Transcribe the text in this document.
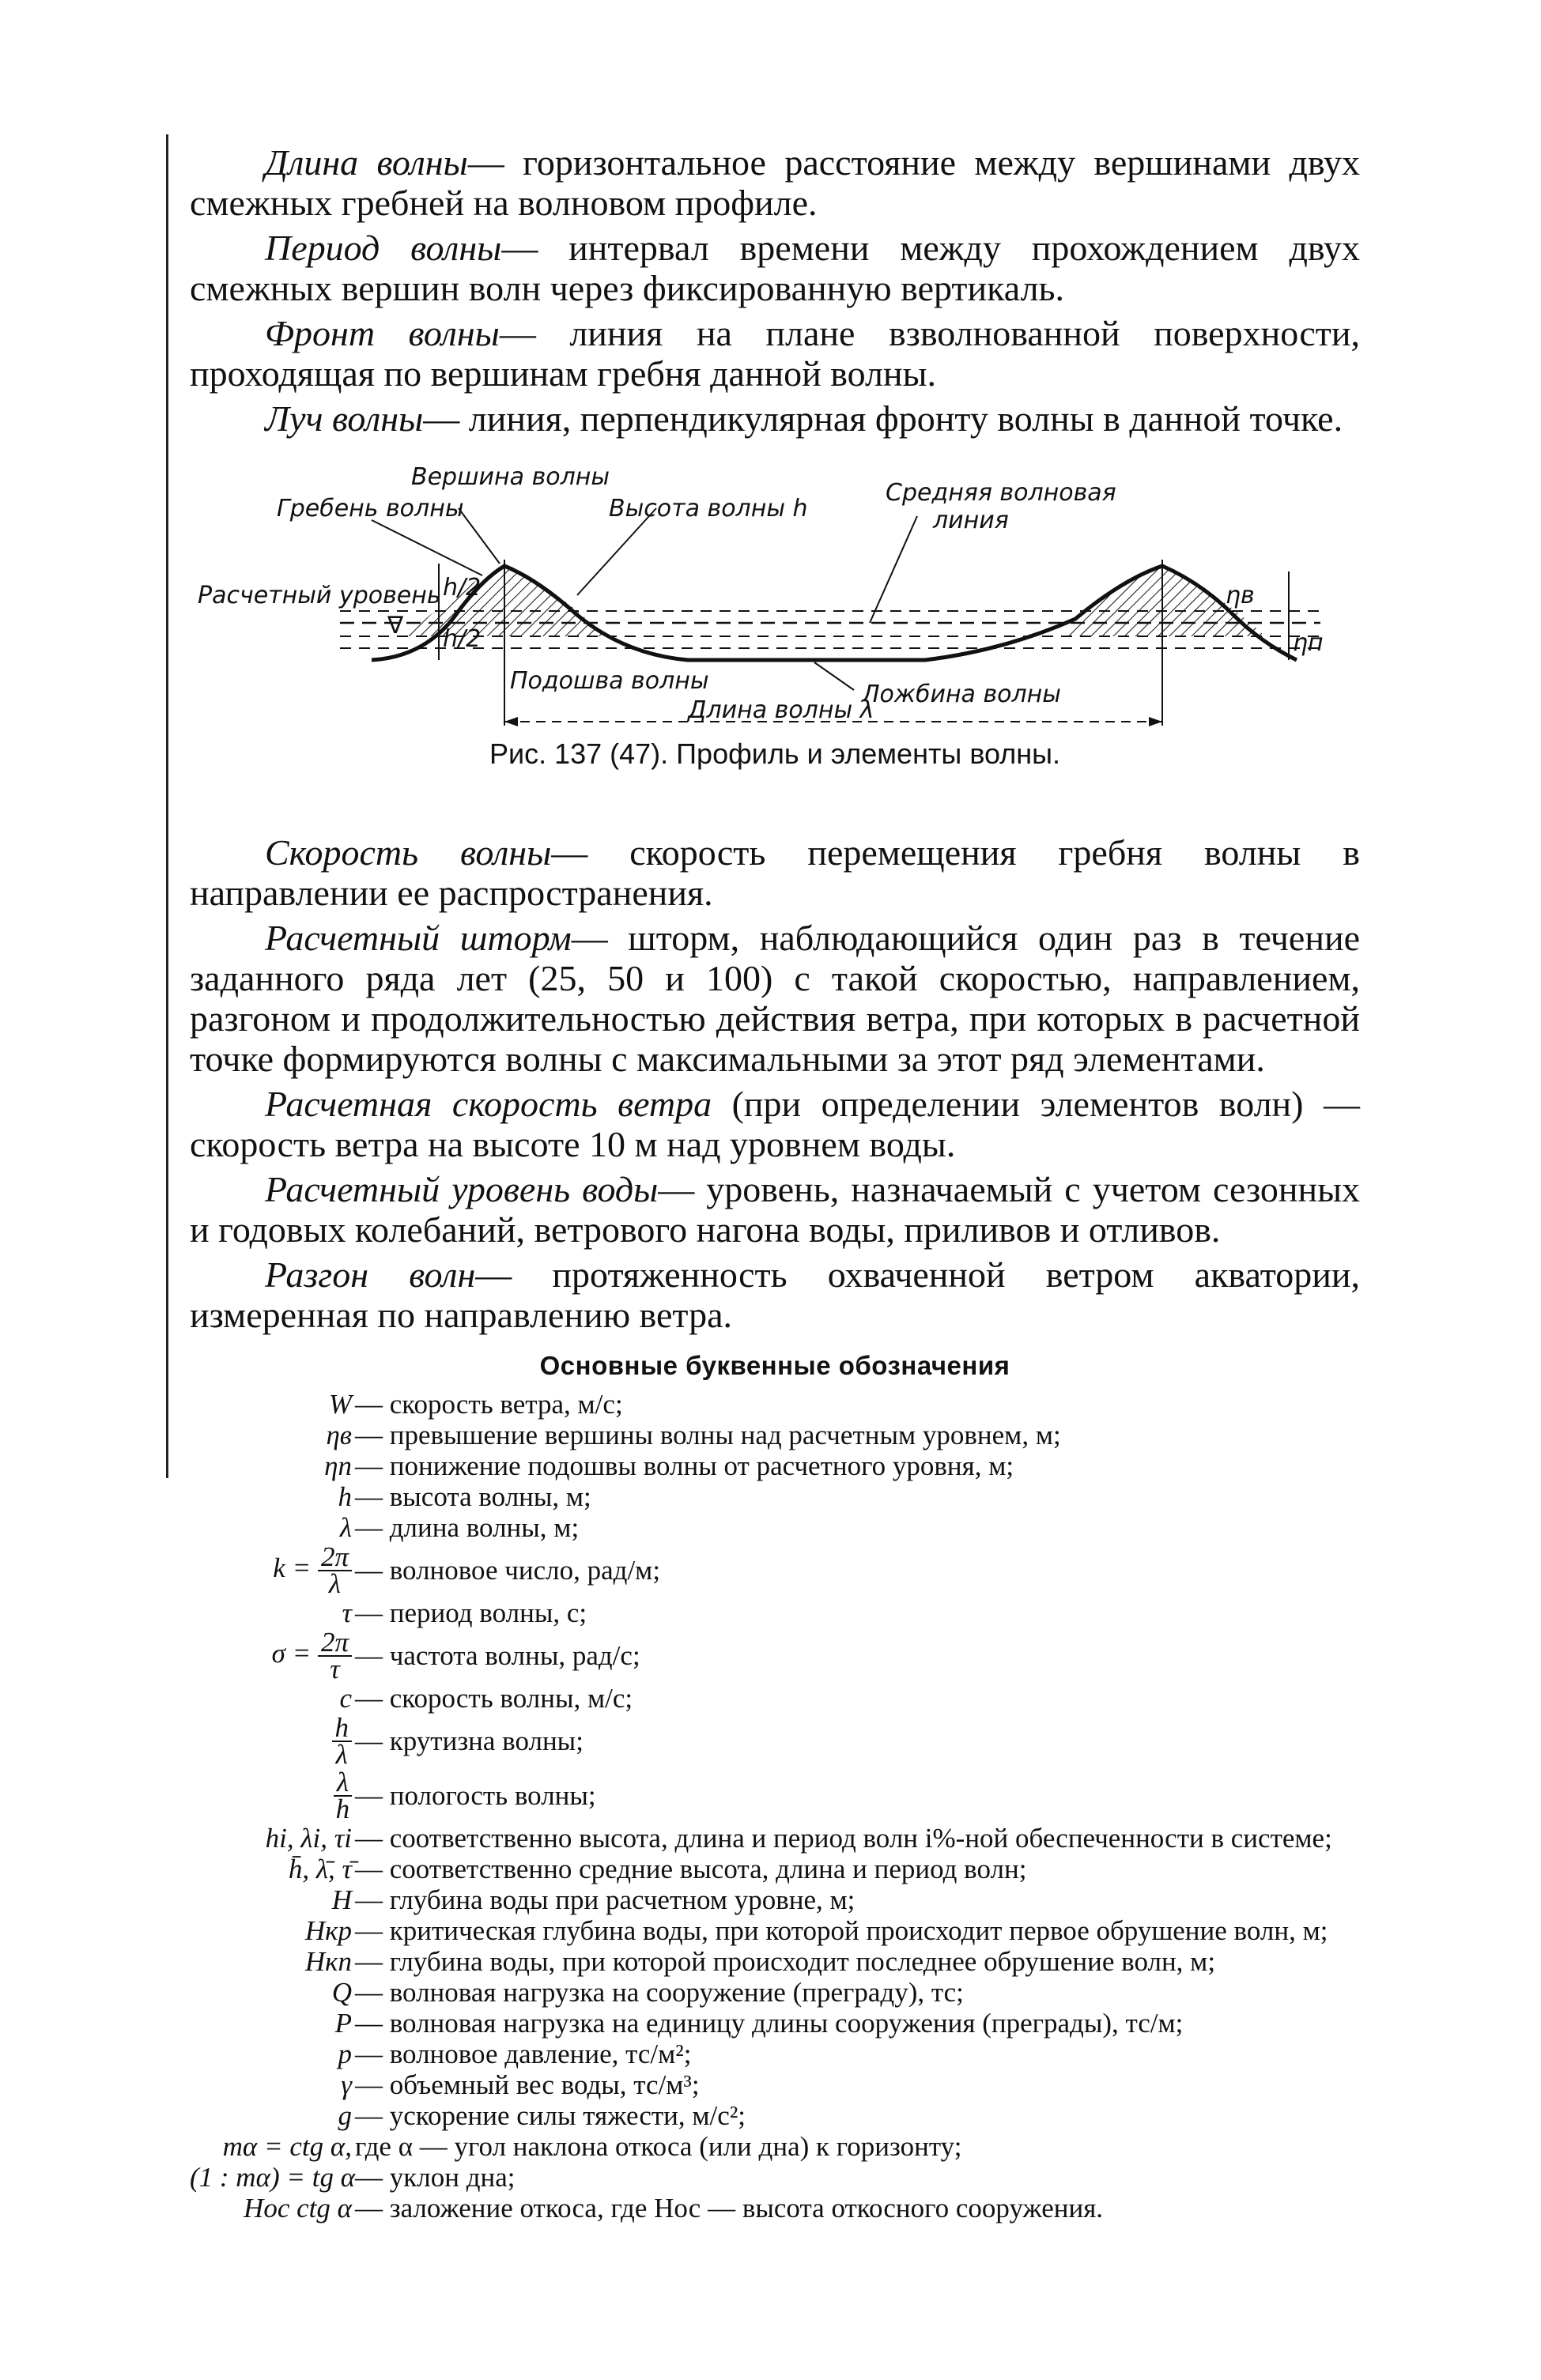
Длина волны— горизонтальное расстояние между вершинами двух смежных гребней на волновом профиле.

Период волны— интервал времени между прохождением двух смежных вершин волн через фиксированную вертикаль.

Фронт волны— линия на плане взволнованной поверхности, проходящая по вершинам гребня данной волны.

Луч волны— линия, перпендикулярная фронту волны в данной точке.

Вершина волны
Гребень волны	Высота волны h
Средняя волновая
линия
Расчетный уровень
Подошва волны	Ложбина волны
Длина волны λ
ηв
ηп
h/2
h/2
∇
Рис. 137 (47). Профиль и элементы волны.

Скорость волны— скорость перемещения гребня волны в направлении ее распространения.

Расчетный шторм— шторм, наблюдающийся один раз в течение заданного ряда лет (25, 50 и 100) с такой скоростью, направлением, разгоном и продолжительностью действия ветра, при которых в расчетной точке формируются волны с максимальными за этот ряд элементами.

Расчетная скорость ветра (при определении элементов волн) — скорость ветра на высоте 10 м над уровнем воды.

Расчетный уровень воды— уровень, назначаемый с учетом сезонных и годовых колебаний, ветрового нагона воды, приливов и отливов.

Разгон волн— протяженность охваченной ветром акватории, измеренная по направлению ветра.

Основные буквенные обозначения
W — скорость ветра, м/с;
ηв — превышение вершины волны над расчетным уровнем, м;
ηп — понижение подошвы волны от расчетного уровня, м;
h — высота волны, м;
λ — длина волны, м;
$k = \frac{2\pi}{\lambda}$ — волновое число, рад/м;
τ — период волны, с;
$\sigma = \frac{2\pi}{\tau}$ — частота волны, рад/с;
c — скорость волны, м/с;
$\frac{h}{\lambda}$ — крутизна волны;
$\frac{\lambda}{h}$ — пологость волны;
hi, λi, τi — соответственно высота, длина и период волн i%-ной обеспеченности в системе;
h̄, λ̄, τ̄ — соответственно средние высота, длина и период волн;
H — глубина воды при расчетном уровне, м;
Hкр — критическая глубина воды, при которой происходит первое обрушение волн, м;
Hкп — глубина воды, при которой происходит последнее обрушение волн, м;
Q — волновая нагрузка на сооружение (преграду), тс;
P — волновая нагрузка на единицу длины сооружения (преграды), тс/м;
p — волновое давление, тс/м²;
γ — объемный вес воды, тс/м³;
g — ускорение силы тяжести, м/с²;
mα = ctg α, где α — угол наклона откоса (или дна) к горизонту;
(1 : mα) = tg α — уклон дна;
Hос ctg α — заложение откоса, где Hос — высота откосного сооружения.
